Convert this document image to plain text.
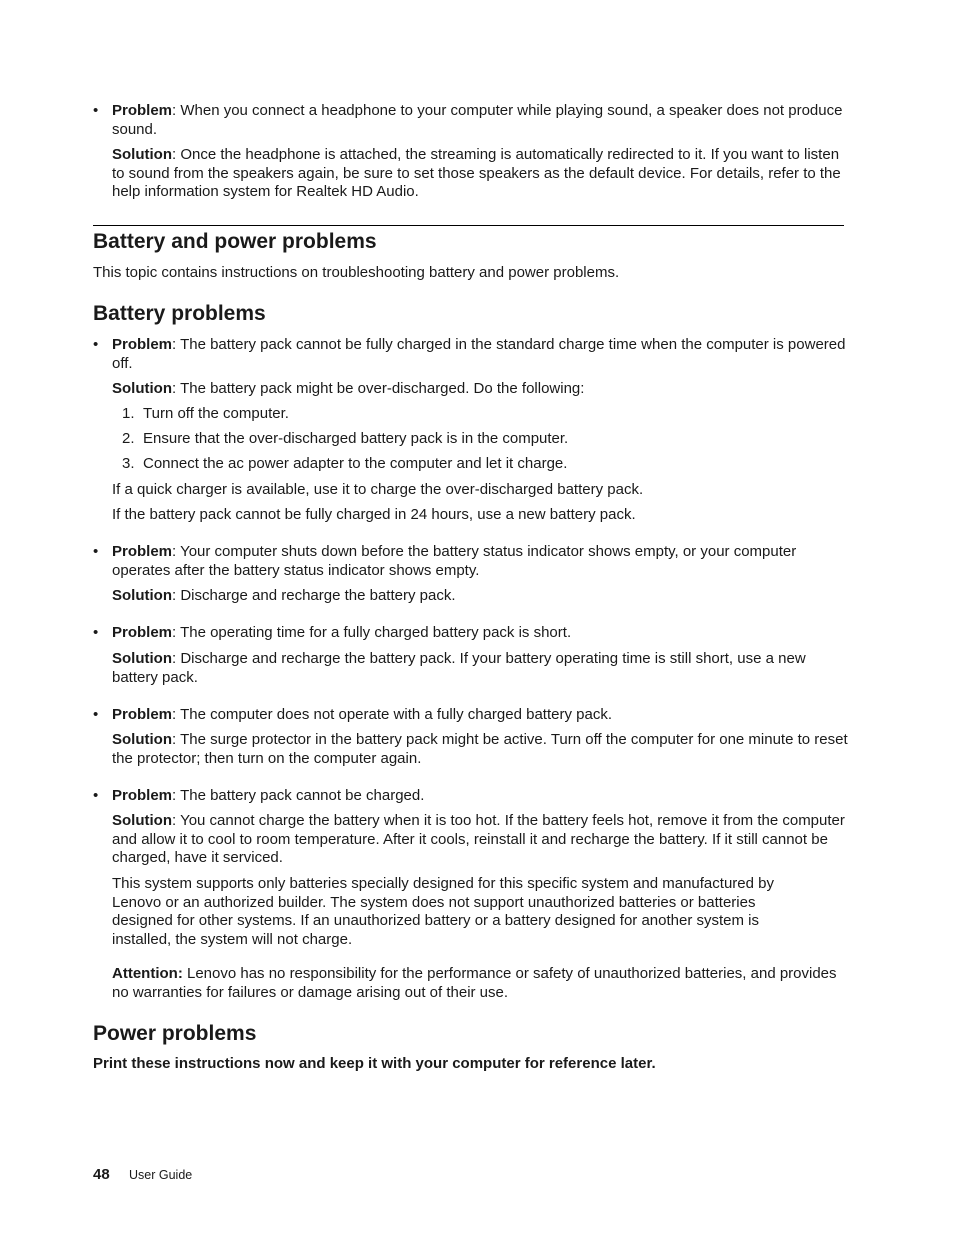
• Problem: When you connect a headphone to your computer while playing sound, a speaker does not produce sound.

Solution: Once the headphone is attached, the streaming is automatically redirected to it. If you want to listen to sound from the speakers again, be sure to set those speakers as the default device. For details, refer to the help information system for Realtek HD Audio.

Battery and power problems

This topic contains instructions on troubleshooting battery and power problems.

Battery problems
• Problem: The battery pack cannot be fully charged in the standard charge time when the computer is powered off.

Solution: The battery pack might be over-discharged. Do the following:

1. Turn off the computer.
2. Ensure that the over-discharged battery pack is in the computer.
3. Connect the ac power adapter to the computer and let it charge.

If a quick charger is available, use it to charge the over-discharged battery pack.

If the battery pack cannot be fully charged in 24 hours, use a new battery pack.

• Problem: Your computer shuts down before the battery status indicator shows empty, or your computer operates after the battery status indicator shows empty.

Solution: Discharge and recharge the battery pack.

• Problem: The operating time for a fully charged battery pack is short.

Solution: Discharge and recharge the battery pack. If your battery operating time is still short, use a new battery pack.

• Problem: The computer does not operate with a fully charged battery pack.

Solution: The surge protector in the battery pack might be active. Turn off the computer for one minute to reset the protector; then turn on the computer again.

• Problem: The battery pack cannot be charged.

Solution: You cannot charge the battery when it is too hot. If the battery feels hot, remove it from the computer and allow it to cool to room temperature. After it cools, reinstall it and recharge the battery. If it still cannot be charged, have it serviced.

This system supports only batteries specially designed for this specific system and manufactured by Lenovo or an authorized builder. The system does not support unauthorized batteries or batteries designed for other systems. If an unauthorized battery or a battery designed for another system is installed, the system will not charge.

Attention: Lenovo has no responsibility for the performance or safety of unauthorized batteries, and provides no warranties for failures or damage arising out of their use.

Power problems

Print these instructions now and keep it with your computer for reference later.

48 User Guide
